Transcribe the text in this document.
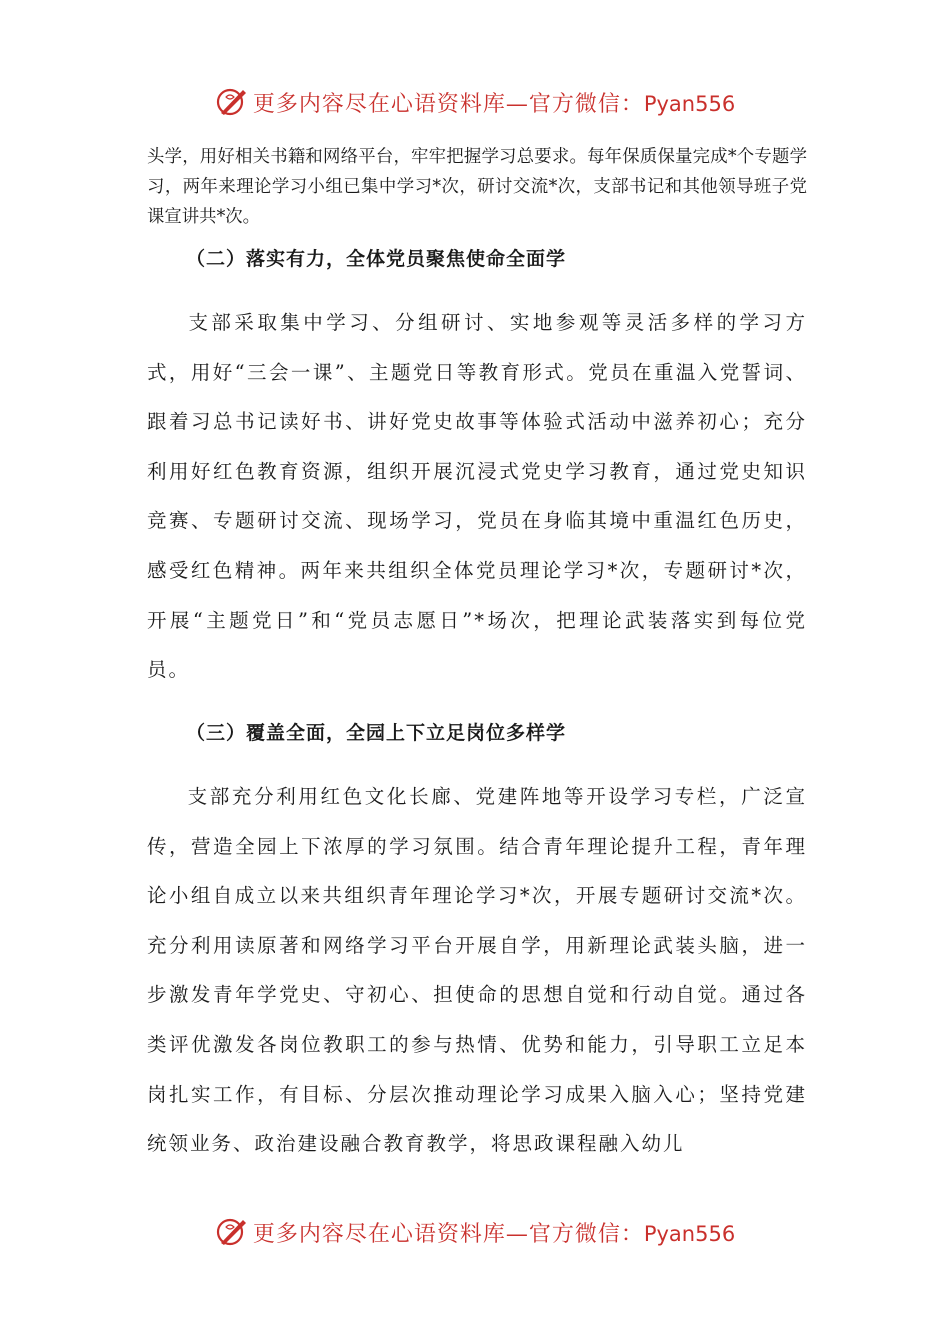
更多内容尽在心语资料库—官方微信：Pyan556

头学，用好相关书籍和网络平台，牢牢把握学习总要求。每年保质保量完成*个专题学习，两年来理论学习小组已集中学习*次，研讨交流*次，支部书记和其他领导班子党课宣讲共*次。

（二）落实有力，全体党员聚焦使命全面学

支部采取集中学习、分组研讨、实地参观等灵活多样的学习方式，用好“三会一课”、主题党日等教育形式。党员在重温入党誓词、跟着习总书记读好书、讲好党史故事等体验式活动中滋养初心；充分利用好红色教育资源，组织开展沉浸式党史学习教育，通过党史知识竞赛、专题研讨交流、现场学习，党员在身临其境中重温红色历史，感受红色精神。两年来共组织全体党员理论学习*次，专题研讨*次，开展“主题党日”和“党员志愿日”*场次，把理论武装落实到每位党员。

（三）覆盖全面，全园上下立足岗位多样学

支部充分利用红色文化长廊、党建阵地等开设学习专栏，广泛宣传，营造全园上下浓厚的学习氛围。结合青年理论提升工程，青年理论小组自成立以来共组织青年理论学习*次，开展专题研讨交流*次。充分利用读原著和网络学习平台开展自学，用新理论武装头脑，进一步激发青年学党史、守初心、担使命的思想自觉和行动自觉。通过各类评优激发各岗位教职工的参与热情、优势和能力，引导职工立足本岗扎实工作，有目标、分层次推动理论学习成果入脑入心；坚持党建统领业务、政治建设融合教育教学，将思政课程融入幼儿

更多内容尽在心语资料库—官方微信：Pyan556
